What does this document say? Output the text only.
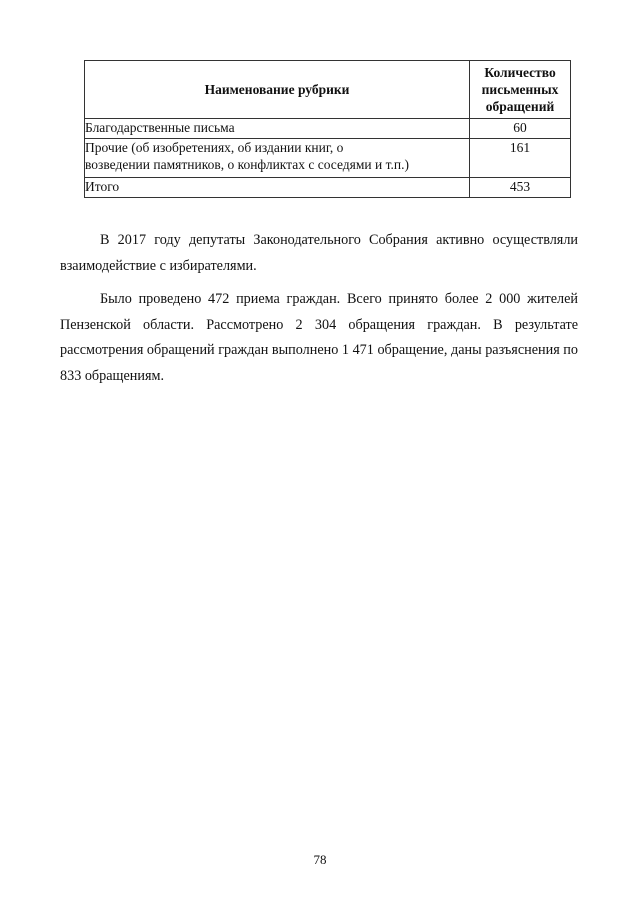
Наименование рубрики	Количество
письменных
обращений

Благодарственные письма	60
Прочие (об изобретениях, об издании книг, о
возведении памятников, о конфликтах с соседями и т.п.)	161
Итого	453

В 2017 году депутаты Законодательного Собрания активно осуществляли взаимодействие с избирателями.

Было проведено 472 приема граждан. Всего принято более 2 000 жителей Пензенской области. Рассмотрено 2 304 обращения граждан. В результате рассмотрения обращений граждан выполнено 1 471 обращение, даны разъяснения по 833 обращениям.

78
